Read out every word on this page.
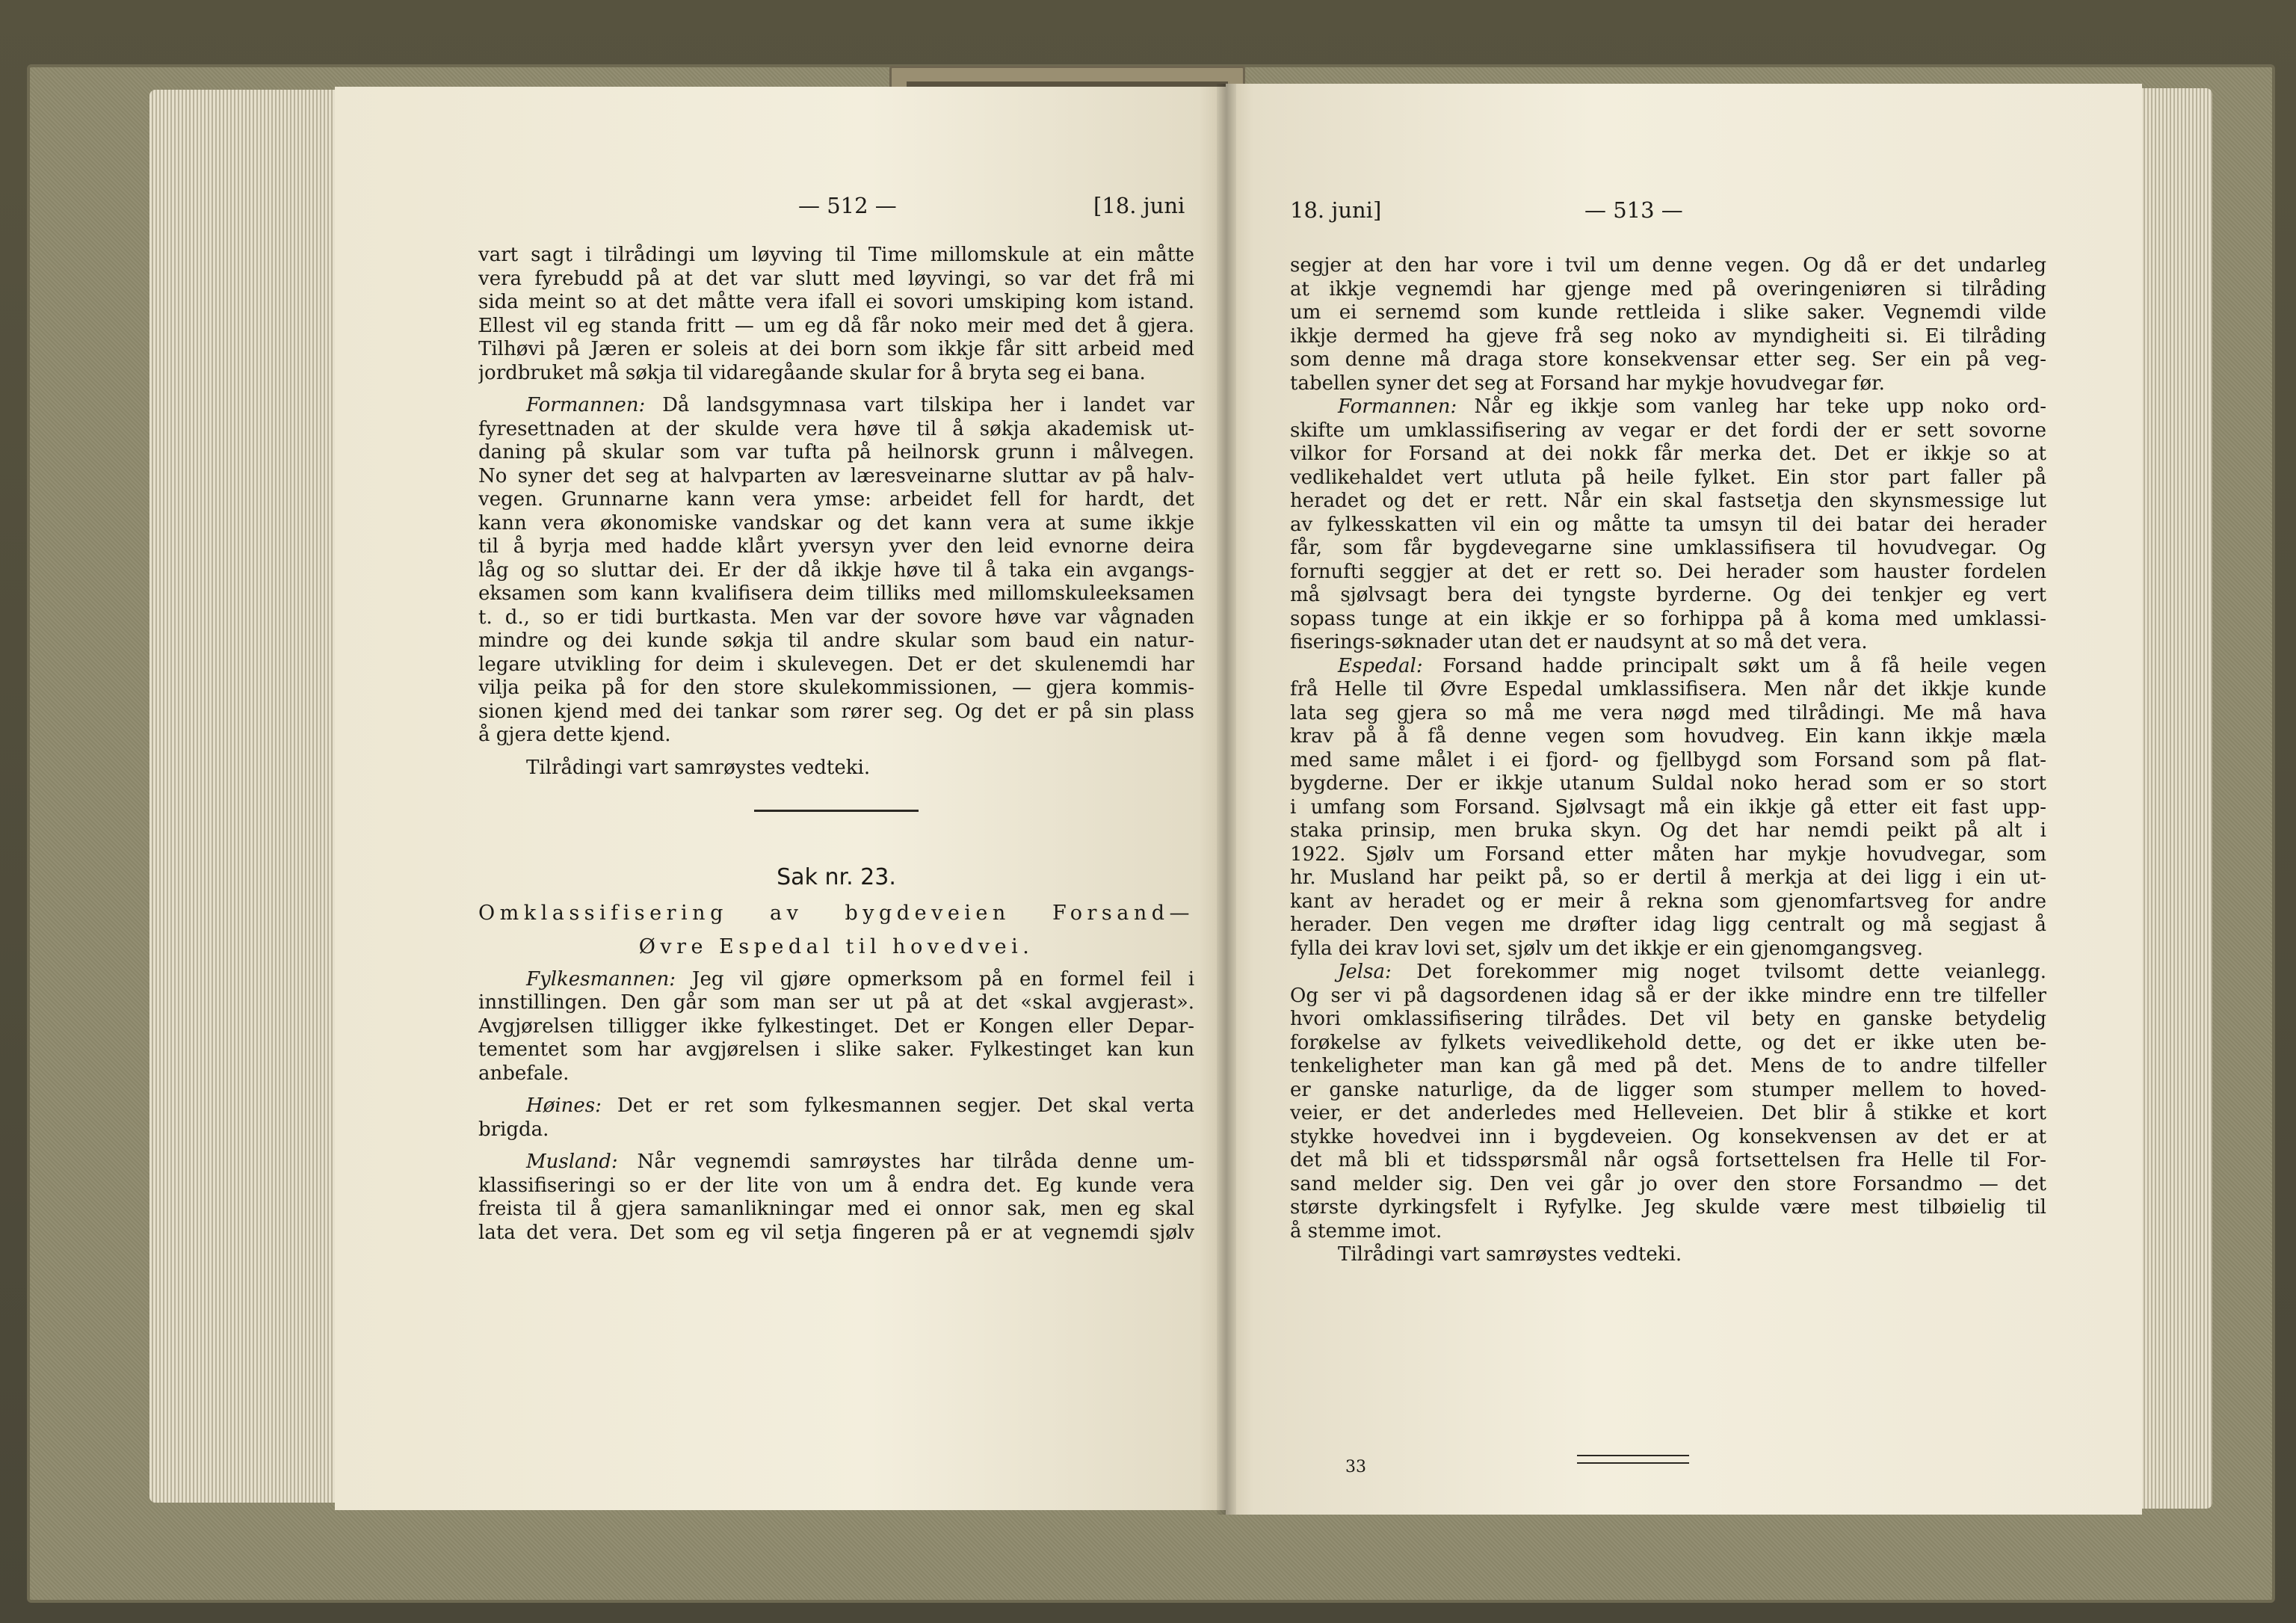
— 512 —	[18. juni

vart sagt i tilrådingi um løyving til Time millomskule at ein måtte

vera fyrebudd på at det var slutt med løyvingi, so var det frå mi

sida meint so at det måtte vera ifall ei sovori umskiping kom istand.

Ellest vil eg standa fritt — um eg då får noko meir med det å gjera.

Tilhøvi på Jæren er soleis at dei born som ikkje får sitt arbeid med

jordbruket må søkja til vidaregåande skular for å bryta seg ei bana.

Formannen: Då landsgymnasa vart tilskipa her i landet var

fyresettnaden at der skulde vera høve til å søkja akademisk ut-

daning på skular som var tufta på heilnorsk grunn i målvegen.

No syner det seg at halvparten av læresveinarne sluttar av på halv-

vegen. Grunnarne kann vera ymse: arbeidet fell for hardt, det

kann vera økonomiske vandskar og det kann vera at sume ikkje

til å byrja med hadde klårt yversyn yver den leid evnorne deira

låg og so sluttar dei. Er der då ikkje høve til å taka ein avgangs-

eksamen som kann kvalifisera deim tilliks med millomskuleeksamen

t. d., so er tidi burtkasta. Men var der sovore høve var vågnaden

mindre og dei kunde søkja til andre skular som baud ein natur-

legare utvikling for deim i skulevegen. Det er det skulenemdi har

vilja peika på for den store skulekommissionen, — gjera kommis-

sionen kjend med dei tankar som rører seg. Og det er på sin plass

å gjera dette kjend.

Tilrådingi vart samrøystes vedteki.

Sak nr. 23.

Omklassifisering av bygdeveien Forsand—

Øvre Espedal til hovedvei.

Fylkesmannen: Jeg vil gjøre opmerksom på en formel feil i

innstillingen. Den går som man ser ut på at det «skal avgjerast».

Avgjørelsen tilligger ikke fylkestinget. Det er Kongen eller Depar-

tementet som har avgjørelsen i slike saker. Fylkestinget kan kun

anbefale.

Høines: Det er ret som fylkesmannen segjer. Det skal verta

brigda.

Musland: Når vegnemdi samrøystes har tilråda denne um-

klassifiseringi so er der lite von um å endra det. Eg kunde vera

freista til å gjera samanlikningar med ei onnor sak, men eg skal

lata det vera. Det som eg vil setja fingeren på er at vegnemdi sjølv

18. juni]	— 513 —

segjer at den har vore i tvil um denne vegen. Og då er det undarleg

at ikkje vegnemdi har gjenge med på overingeniøren si tilråding

um ei sernemd som kunde rettleida i slike saker. Vegnemdi vilde

ikkje dermed ha gjeve frå seg noko av myndigheiti si. Ei tilråding

som denne må draga store konsekvensar etter seg. Ser ein på veg-

tabellen syner det seg at Forsand har mykje hovudvegar før.

Formannen: Når eg ikkje som vanleg har teke upp noko ord-

skifte um umklassifisering av vegar er det fordi der er sett sovorne

vilkor for Forsand at dei nokk får merka det. Det er ikkje so at

vedlikehaldet vert utluta på heile fylket. Ein stor part faller på

heradet og det er rett. Når ein skal fastsetja den skynsmessige lut

av fylkesskatten vil ein og måtte ta umsyn til dei batar dei herader

får, som får bygdevegarne sine umklassifisera til hovudvegar. Og

fornufti seggjer at det er rett so. Dei herader som hauster fordelen

må sjølvsagt bera dei tyngste byrderne. Og dei tenkjer eg vert

sopass tunge at ein ikkje er so forhippa på å koma med umklassi-

fiserings-søknader utan det er naudsynt at so må det vera.

Espedal: Forsand hadde principalt søkt um å få heile vegen

frå Helle til Øvre Espedal umklassifisera. Men når det ikkje kunde

lata seg gjera so må me vera nøgd med tilrådingi. Me må hava

krav på å få denne vegen som hovudveg. Ein kann ikkje mæla

med same målet i ei fjord- og fjellbygd som Forsand som på flat-

bygderne. Der er ikkje utanum Suldal noko herad som er so stort

i umfang som Forsand. Sjølvsagt må ein ikkje gå etter eit fast upp-

staka prinsip, men bruka skyn. Og det har nemdi peikt på alt i

1922. Sjølv um Forsand etter måten har mykje hovudvegar, som

hr. Musland har peikt på, so er dertil å merkja at dei ligg i ein ut-

kant av heradet og er meir å rekna som gjenomfartsveg for andre

herader. Den vegen me drøfter idag ligg centralt og må segjast å

fylla dei krav lovi set, sjølv um det ikkje er ein gjenomgangsveg.

Jelsa: Det forekommer mig noget tvilsomt dette veianlegg.

Og ser vi på dagsordenen idag så er der ikke mindre enn tre tilfeller

hvori omklassifisering tilrådes. Det vil bety en ganske betydelig

forøkelse av fylkets veivedlikehold dette, og det er ikke uten be-

tenkeligheter man kan gå med på det. Mens de to andre tilfeller

er ganske naturlige, da de ligger som stumper mellem to hoved-

veier, er det anderledes med Helleveien. Det blir å stikke et kort

stykke hovedvei inn i bygdeveien. Og konsekvensen av det er at

det må bli et tidsspørsmål når også fortsettelsen fra Helle til For-

sand melder sig. Den vei går jo over den store Forsandmo — det

største dyrkingsfelt i Ryfylke. Jeg skulde være mest tilbøielig til

å stemme imot.

Tilrådingi vart samrøystes vedteki.

33
